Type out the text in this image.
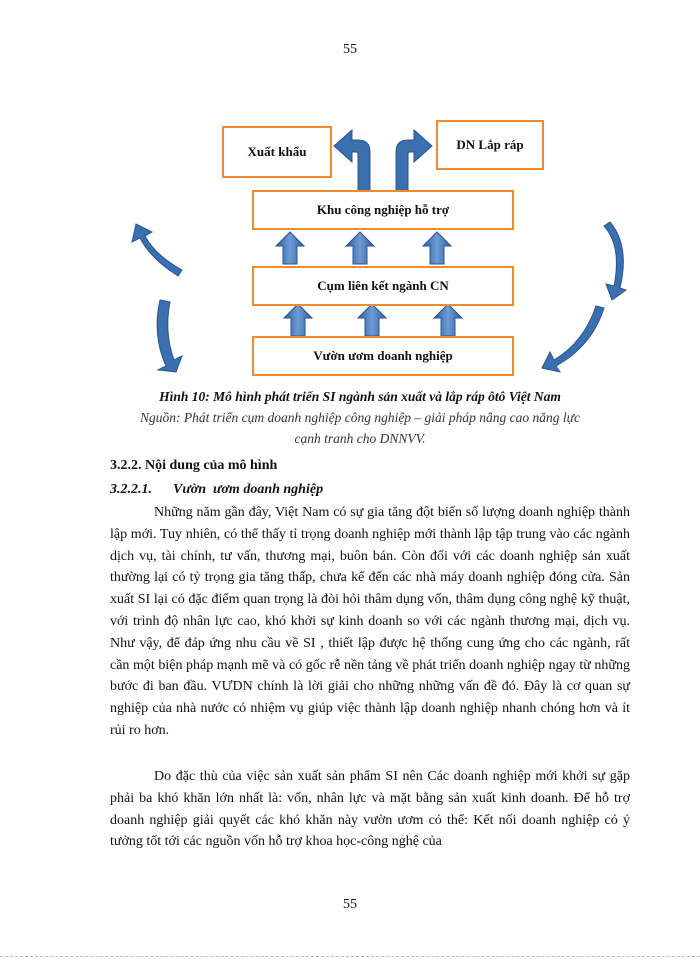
55
Xuất khẩu	DN Lắp ráp
Khu công nghiệp hỗ trợ
Cụm liên kết ngành CN
Vườn ươm doanh nghiệp
Hình 10: Mô hình phát triển SI ngành sản xuất và lắp ráp ôtô Việt Nam
Nguồn: Phát triển cụm doanh nghiệp công nghiệp – giải pháp nâng cao năng lực
cạnh tranh cho DNNVV.
3.2.2. Nội dung của mô hình
3.2.2.1.      Vườn  ươm doanh nghiệp

Những năm gần đây, Việt Nam có sự gia tăng đột biến số lượng doanh nghiệp thành lập mới. Tuy nhiên, có thể thấy tỉ trọng doanh nghiệp mới thành lập tập trung vào các ngành dịch vụ, tài chính, tư vấn, thương mại, buôn bán. Còn đối với các doanh nghiệp sản xuất thường lại có tỷ trọng gia tăng thấp, chưa kể đến các nhà máy doanh nghiệp đóng cửa. Sản xuất SI lại có đặc điểm quan trọng là đòi hỏi thâm dụng vốn, thâm dụng công nghệ kỹ thuật, với trình độ nhân lực cao, khó khởi sự kinh doanh so với các ngành thương mại, dịch vụ. Như vậy, để đáp ứng nhu cầu về SI , thiết lập được hệ thống cung ứng cho các ngành, rất cần một biện pháp mạnh mẽ và có gốc rễ nền tảng về phát triển doanh nghiệp ngay từ những bước đi ban đầu. VƯDN chính là lời giải cho những những vấn đề đó. Đây là cơ quan sự nghiệp của nhà nước có nhiệm vụ giúp việc thành lập doanh nghiệp nhanh chóng hơn và ít rủi ro hơn.

Do đặc thù của việc sản xuất sản phẩm SI nên Các doanh nghiệp mới khởi sự gặp phải ba khó khăn lớn nhất là: vốn, nhân lực và mặt bằng sản xuất kinh doanh. Để hỗ trợ doanh nghiệp giải quyết các khó khăn này vườn ươm có thể: Kết nối doanh nghiệp có ý tưởng tốt tới các nguồn vốn hỗ trợ khoa học-công nghệ của

55
